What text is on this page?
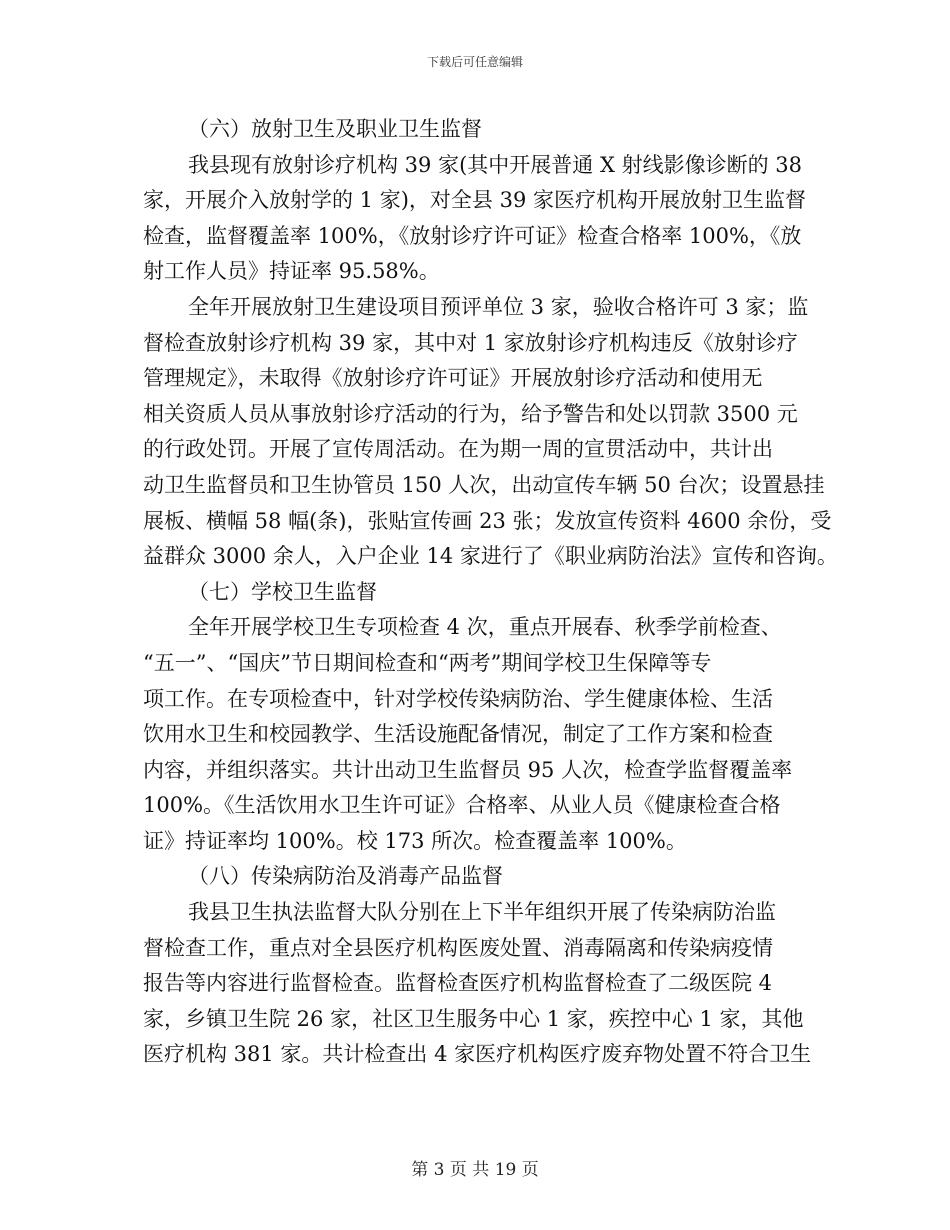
下载后可任意编辑
（六）放射卫生及职业卫生监督
我县现有放射诊疗机构 39 家(其中开展普通 X 射线影像诊断的 38
家，开展介入放射学的 1 家)，对全县 39 家医疗机构开展放射卫生监督
检查，监督覆盖率 100%，《放射诊疗许可证》检查合格率 100%，《放
射工作人员》持证率 95.58%。
全年开展放射卫生建设项目预评单位 3 家，验收合格许可 3 家；监
督检查放射诊疗机构 39 家，其中对 1 家放射诊疗机构违反《放射诊疗
管理规定》，未取得《放射诊疗许可证》开展放射诊疗活动和使用无
相关资质人员从事放射诊疗活动的行为，给予警告和处以罚款 3500 元
的行政处罚。开展了宣传周活动。在为期一周的宣贯活动中，共计出
动卫生监督员和卫生协管员 150 人次，出动宣传车辆 50 台次；设置悬挂
展板、横幅 58 幅(条)，张贴宣传画 23 张；发放宣传资料 4600 余份，受
益群众 3000 余人，入户企业 14 家进行了《职业病防治法》宣传和咨询。
（七）学校卫生监督
全年开展学校卫生专项检查 4 次，重点开展春、秋季学前检查、
“五一”、“国庆”节日期间检查和“两考”期间学校卫生保障等专
项工作。在专项检查中，针对学校传染病防治、学生健康体检、生活
饮用水卫生和校园教学、生活设施配备情况，制定了工作方案和检查
内容，并组织落实。共计出动卫生监督员 95 人次，检查学监督覆盖率
100%。《生活饮用水卫生许可证》合格率、从业人员《健康检查合格
证》持证率均 100%。校 173 所次。检查覆盖率 100%。
（八）传染病防治及消毒产品监督
我县卫生执法监督大队分别在上下半年组织开展了传染病防治监
督检查工作，重点对全县医疗机构医废处置、消毒隔离和传染病疫情
报告等内容进行监督检查。监督检查医疗机构监督检查了二级医院 4
家，乡镇卫生院 26 家，社区卫生服务中心 1 家，疾控中心 1 家，其他
医疗机构 381 家。共计检查出 4 家医疗机构医疗废弃物处置不符合卫生
第 3 页 共 19 页
